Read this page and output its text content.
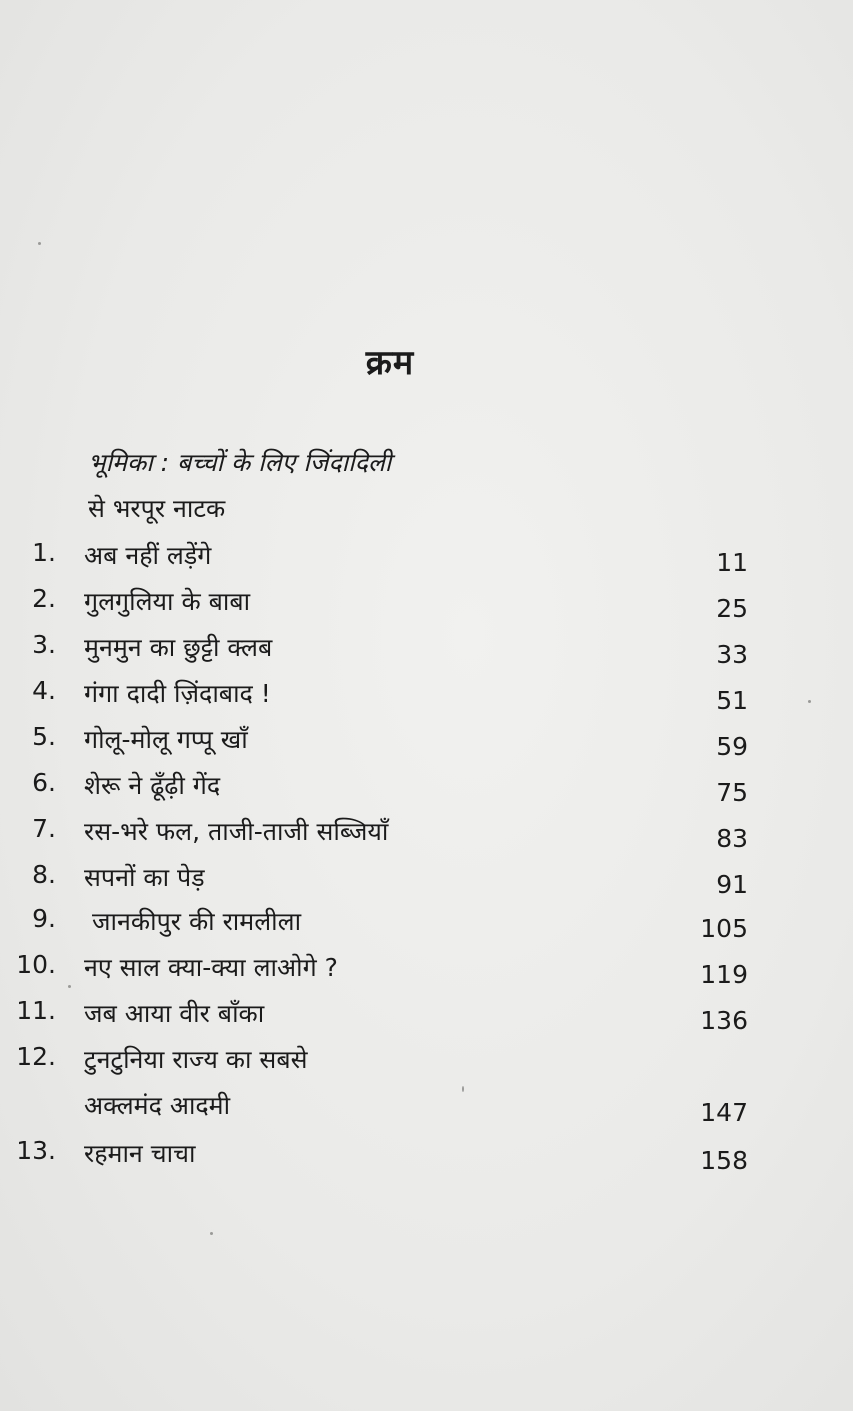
क्रम
भूमिका : बच्चों के लिए जिंदादिली
से भरपूर नाटक
1. अब नहीं लड़ेंगे	11
2. गुलगुलिया के बाबा	25
3. मुनमुन का छुट्टी क्लब	33
4. गंगा दादी ज़िंदाबाद !	51
5. गोलू-मोलू गप्पू खाँ	59
6. शेरू ने ढूँढ़ी गेंद	75
7. रस-भरे फल, ताजी-ताजी सब्जियाँ	83
8. सपनों का पेड़	91
9. जानकीपुर की रामलीला	105
10. नए साल क्या-क्या लाओगे ?	119
11. जब आया वीर बाँका	136
12. टुनटुनिया राज्य का सबसे
अक्लमंद आदमी	147
13. रहमान चाचा	158
